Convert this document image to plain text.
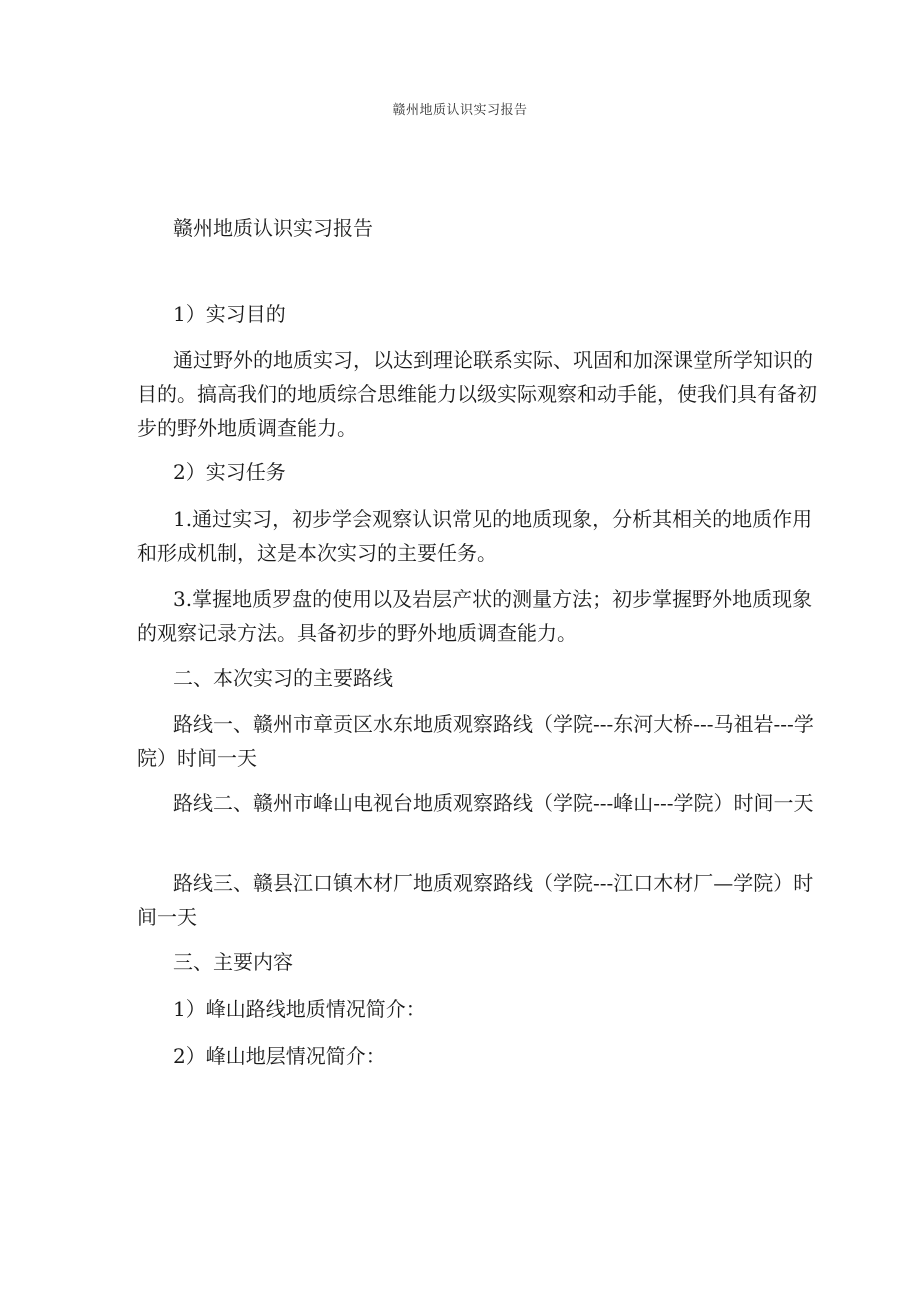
赣州地质认识实习报告

赣州地质认识实习报告

1）实习目的

通过野外的地质实习，以达到理论联系实际、巩固和加深课堂所学知识的目的。搞高我们的地质综合思维能力以级实际观察和动手能，使我们具有备初步的野外地质调查能力。

2）实习任务

1.通过实习，初步学会观察认识常见的地质现象，分析其相关的地质作用和形成机制，这是本次实习的主要任务。

3.掌握地质罗盘的使用以及岩层产状的测量方法；初步掌握野外地质现象的观察记录方法。具备初步的野外地质调查能力。

二、本次实习的主要路线

路线一、赣州市章贡区水东地质观察路线（学院---东河大桥---马祖岩---学院）时间一天

路线二、赣州市峰山电视台地质观察路线（学院---峰山---学院）时间一天

路线三、赣县江口镇木材厂地质观察路线（学院---江口木材厂—学院）时间一天

三、主要内容

1）峰山路线地质情况简介：

2）峰山地层情况简介：
